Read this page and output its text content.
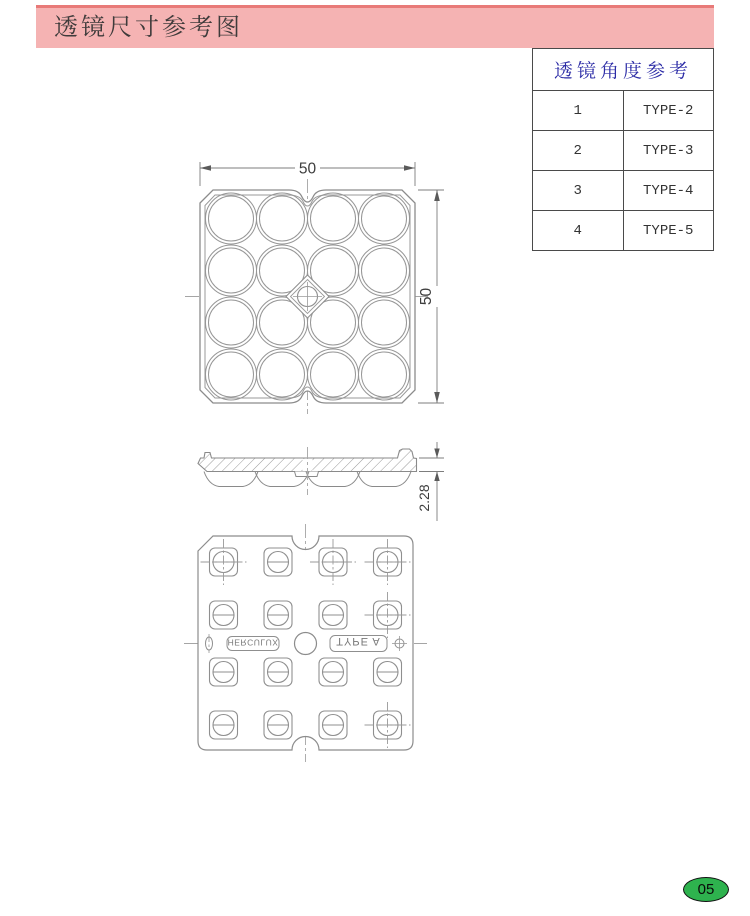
透镜尺寸参考图
透镜角度参考	
1	TYPE-2
2	TYPE-3
3	TYPE-4
4	TYPE-5
50
50
2.28
HERCULUX	TYPE A
05
